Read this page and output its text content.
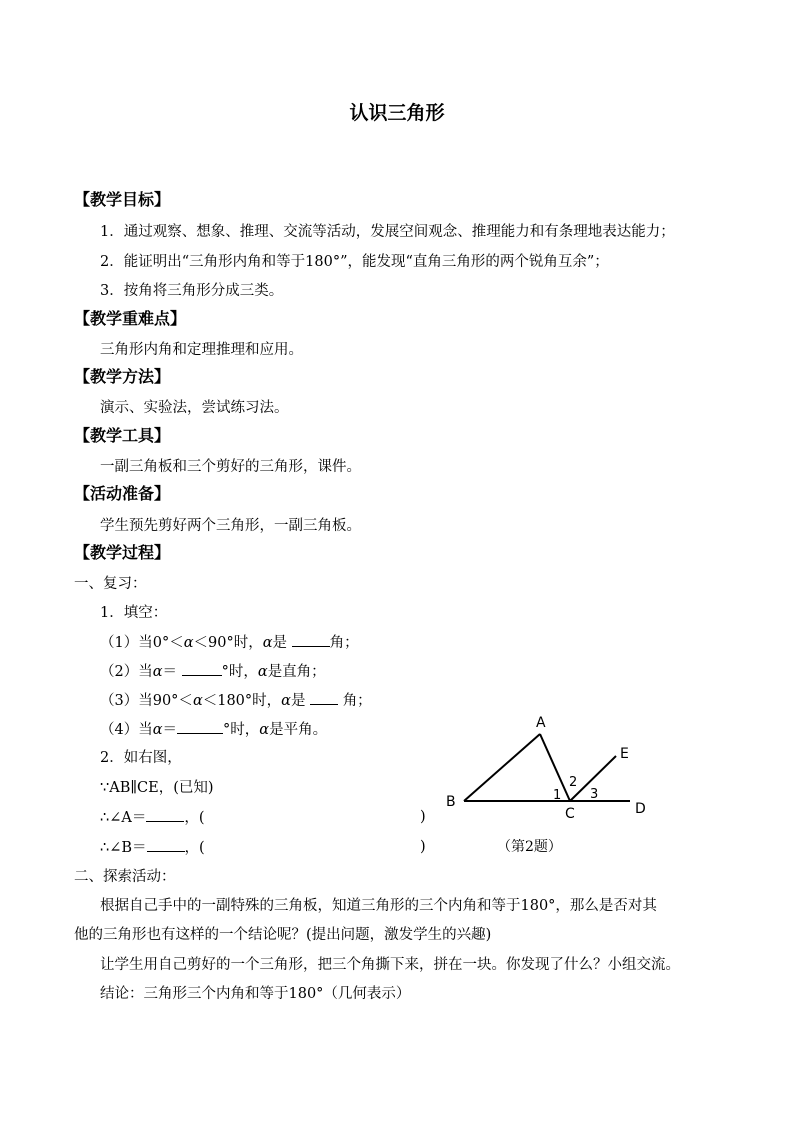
认识三角形
【教学目标】
1．通过观察、想象、推理、交流等活动，发展空间观念、推理能力和有条理地表达能力；
2．能证明出“三角形内角和等于180°”，能发现“直角三角形的两个锐角互余”；
3．按角将三角形分成三类。
【教学重难点】
三角形内角和定理推理和应用。
【教学方法】
演示、实验法，尝试练习法。
【教学工具】
一副三角板和三个剪好的三角形，课件。
【活动准备】
学生预先剪好两个三角形，一副三角板。
【教学过程】
一、复习：
1．填空：
（1）当0°＜α＜90°时，α是	角；
（2）当α＝	°时，α是直角；
（3）当90°＜α＜180°时，α是	角；
（4）当α＝	°时，α是平角。
2．如右图，
∵AB∥CE，(已知)
∴∠A＝	，(	)
∴∠B＝	，(	)
A
B
C	D
E
1
2
3
（第2题）
二、探索活动：
根据自己手中的一副特殊的三角板，知道三角形的三个内角和等于180°，那么是否对其
他的三角形也有这样的一个结论呢？(提出问题，激发学生的兴趣)
让学生用自己剪好的一个三角形，把三个角撕下来，拼在一块。你发现了什么？小组交流。
结论：三角形三个内角和等于180°（几何表示）
